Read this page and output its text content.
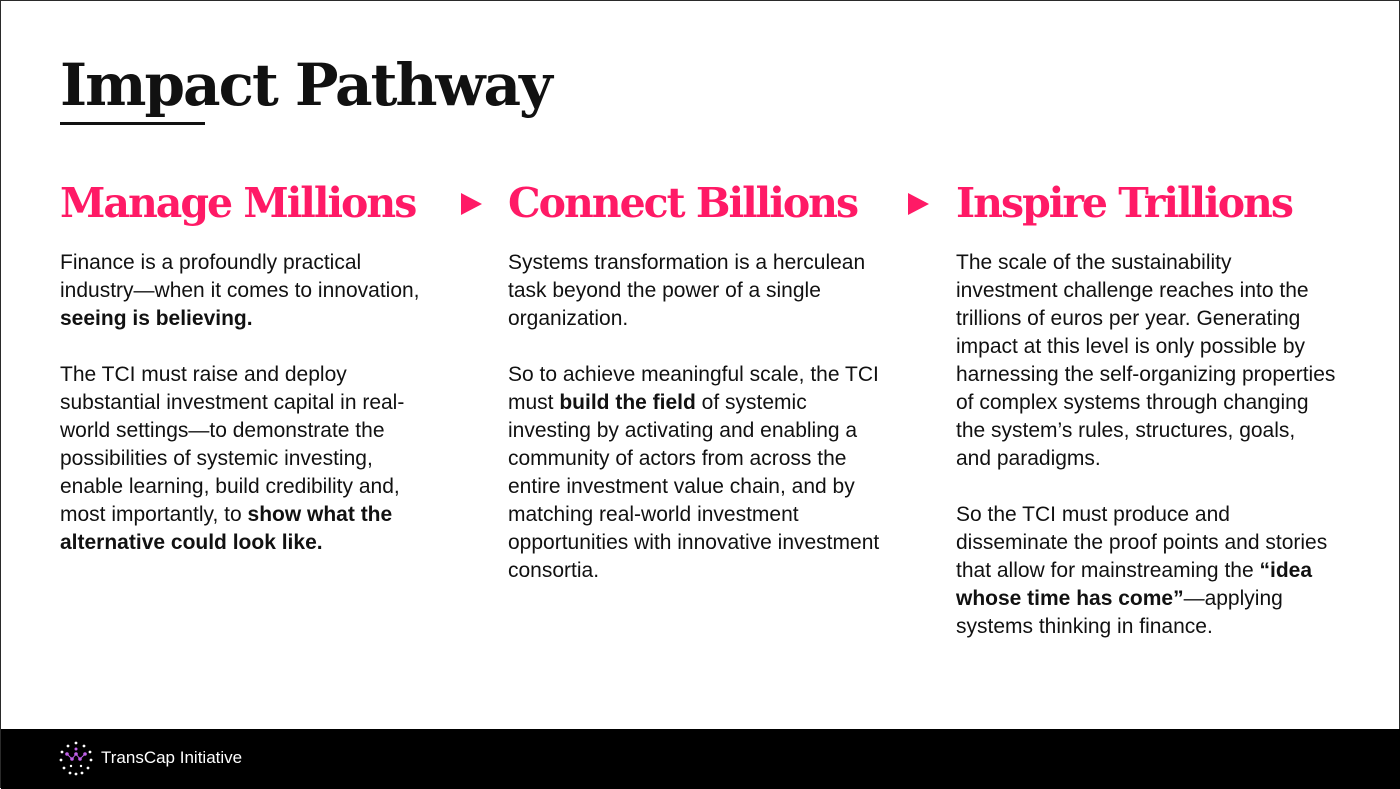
Impact Pathway
Manage Millions

Finance is a profoundly practical industry—when it comes to innovation, seeing is believing.

The TCI must raise and deploy substantial investment capital in real-world settings—to demonstrate the possibilities of systemic investing, enable learning, build credibility and, most importantly, to show what the alternative could look like.

Connect Billions

Systems transformation is a herculean task beyond the power of a single organization.

So to achieve meaningful scale, the TCI must build the field of systemic investing by activating and enabling a community of actors from across the entire investment value chain, and by matching real-world investment opportunities with innovative investment consortia.

Inspire Trillions

The scale of the sustainability investment challenge reaches into the trillions of euros per year. Generating impact at this level is only possible by harnessing the self-organizing properties of complex systems through changing the system’s rules, structures, goals, and paradigms.

So the TCI must produce and disseminate the proof points and stories that allow for mainstreaming the “idea whose time has come”—applying systems thinking in finance.

TransCap Initiative
